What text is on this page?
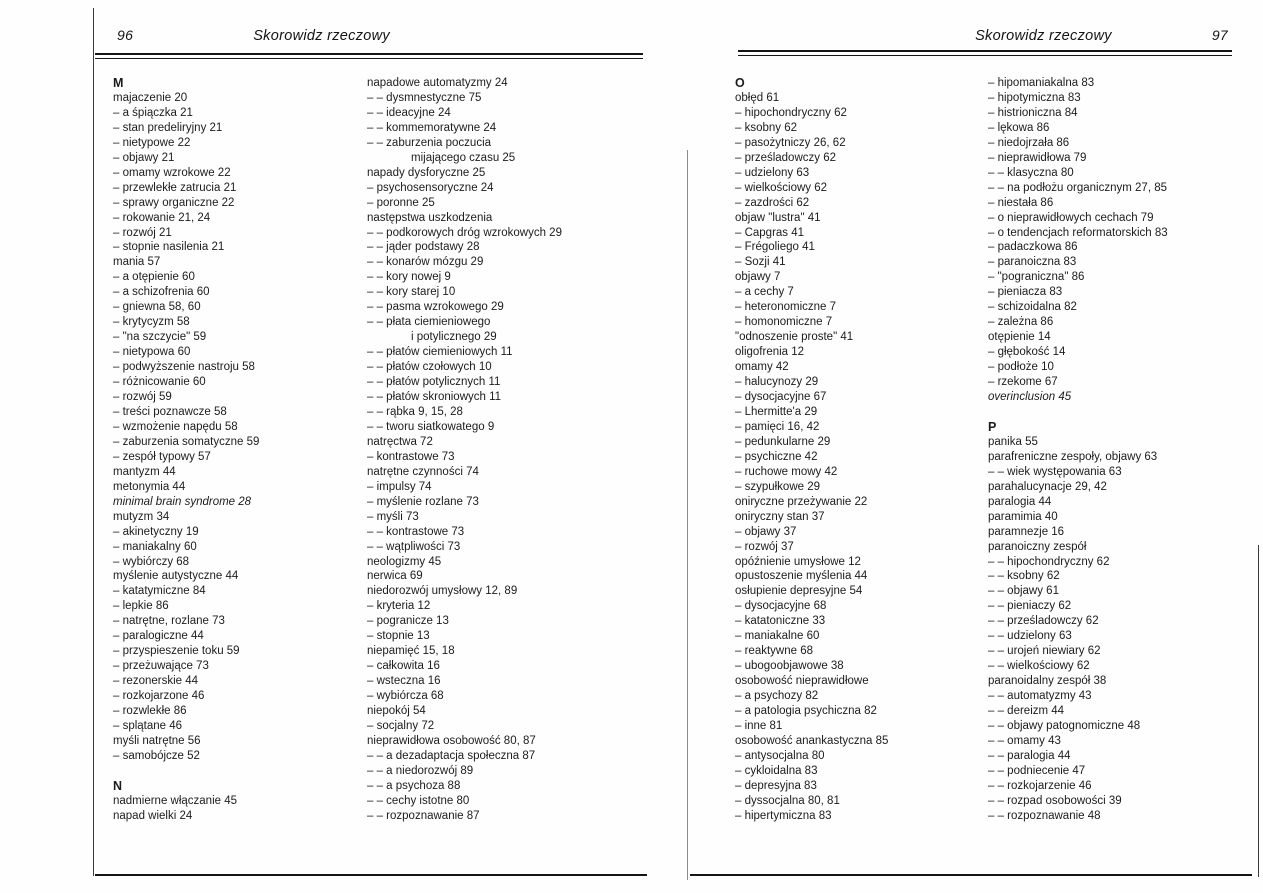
96	Skorowidz rzeczowy
M
majaczenie 20
– a śpiączka 21
– stan predeliryjny 21
– nietypowe 22
– objawy 21
– omamy wzrokowe 22
– przewlekłe zatrucia 21
– sprawy organiczne 22
– rokowanie 21, 24
– rozwój 21
– stopnie nasilenia 21
mania 57
– a otępienie 60
– a schizofrenia 60
– gniewna 58, 60
– krytycyzm 58
– "na szczycie" 59
– nietypowa 60
– podwyższenie nastroju 58
– różnicowanie 60
– rozwój 59
– treści poznawcze 58
– wzmożenie napędu 58
– zaburzenia somatyczne 59
– zespół typowy 57
mantyzm 44
metonymia 44
minimal brain syndrome 28
mutyzm 34
– akinetyczny 19
– maniakalny 60
– wybiórczy 68
myślenie autystyczne 44
– katatymiczne 84
– lepkie 86
– natrętne, rozlane 73
– paralogiczne 44
– przyspieszenie toku 59
– przeżuwające 73
– rezonerskie 44
– rozkojarzone 46
– rozwlekłe 86
– splątane 46
myśli natrętne 56
– samobójcze 52

N
nadmierne włączanie 45
napad wielki 24
napadowe automatyzmy 24
– – dysmnestyczne 75
– – ideacyjne 24
– – kommemoratywne 24
– – zaburzenia poczucia
mijającego czasu 25
napady dysforyczne 25
– psychosensoryczne 24
– poronne 25
następstwa uszkodzenia
– – podkorowych dróg wzrokowych 29
– – jąder podstawy 28
– – konarów mózgu 29
– – kory nowej 9
– – kory starej 10
– – pasma wzrokowego 29
– – płata ciemieniowego
i potylicznego 29
– – płatów ciemieniowych 11
– – płatów czołowych 10
– – płatów potylicznych 11
– – płatów skroniowych 11
– – rąbka 9, 15, 28
– – tworu siatkowatego 9
natręctwa 72
– kontrastowe 73
natrętne czynności 74
– impulsy 74
– myślenie rozlane 73
– myśli 73
– – kontrastowe 73
– – wątpliwości 73
neologizmy 45
nerwica 69
niedorozwój umysłowy 12, 89
– kryteria 12
– pogranicze 13
– stopnie 13
niepamięć 15, 18
– całkowita 16
– wsteczna 16
– wybiórcza 68
niepokój 54
– socjalny 72
nieprawidłowa osobowość 80, 87
– – a dezadaptacja społeczna 87
– – a niedorozwój 89
– – a psychoza 88
– – cechy istotne 80
– – rozpoznawanie 87
Skorowidz rzeczowy	97
O
obłęd 61
– hipochondryczny 62
– ksobny 62
– pasożytniczy 26, 62
– prześladowczy 62
– udzielony 63
– wielkościowy 62
– zazdrości 62
objaw "lustra" 41
– Capgras 41
– Frégoliego 41
– Sozji 41
objawy 7
– a cechy 7
– heteronomiczne 7
– homonomiczne 7
"odnoszenie proste" 41
oligofrenia 12
omamy 42
– halucynozy 29
– dysocjacyjne 67
– Lhermitte'a 29
– pamięci 16, 42
– pedunkularne 29
– psychiczne 42
– ruchowe mowy 42
– szypułkowe 29
oniryczne przeżywanie 22
oniryczny stan 37
– objawy 37
– rozwój 37
opóźnienie umysłowe 12
opustoszenie myślenia 44
osłupienie depresyjne 54
– dysocjacyjne 68
– katatoniczne 33
– maniakalne 60
– reaktywne 68
– ubogoobjawowe 38
osobowość nieprawidłowe
– a psychozy 82
– a patologia psychiczna 82
– inne 81
osobowość anankastyczna 85
– antysocjalna 80
– cykloidalna 83
– depresyjna 83
– dyssocjalna 80, 81
– hipertymiczna 83
– hipomaniakalna 83
– hipotymiczna 83
– histrioniczna 84
– lękowa 86
– niedojrzała 86
– nieprawidłowa 79
– – klasyczna 80
– – na podłożu organicznym 27, 85
– niestała 86
– o nieprawidłowych cechach 79
– o tendencjach reformatorskich 83
– padaczkowa 86
– paranoiczna 83
– "pograniczna" 86
– pieniacza 83
– schizoidalna 82
– zależna 86
otępienie 14
– głębokość 14
– podłoże 10
– rzekome 67
overinclusion 45

P
panika 55
parafreniczne zespoły, objawy 63
– – wiek występowania 63
parahalucynacje 29, 42
paralogia 44
paramimia 40
paramnezje 16
paranoiczny zespół
– – hipochondryczny 62
– – ksobny 62
– – objawy 61
– – pieniaczy 62
– – prześladowczy 62
– – udzielony 63
– – urojeń niewiary 62
– – wielkościowy 62
paranoidalny zespół 38
– – automatyzmy 43
– – dereizm 44
– – objawy patognomiczne 48
– – omamy 43
– – paralogia 44
– – podniecenie 47
– – rozkojarzenie 46
– – rozpad osobowości 39
– – rozpoznawanie 48
